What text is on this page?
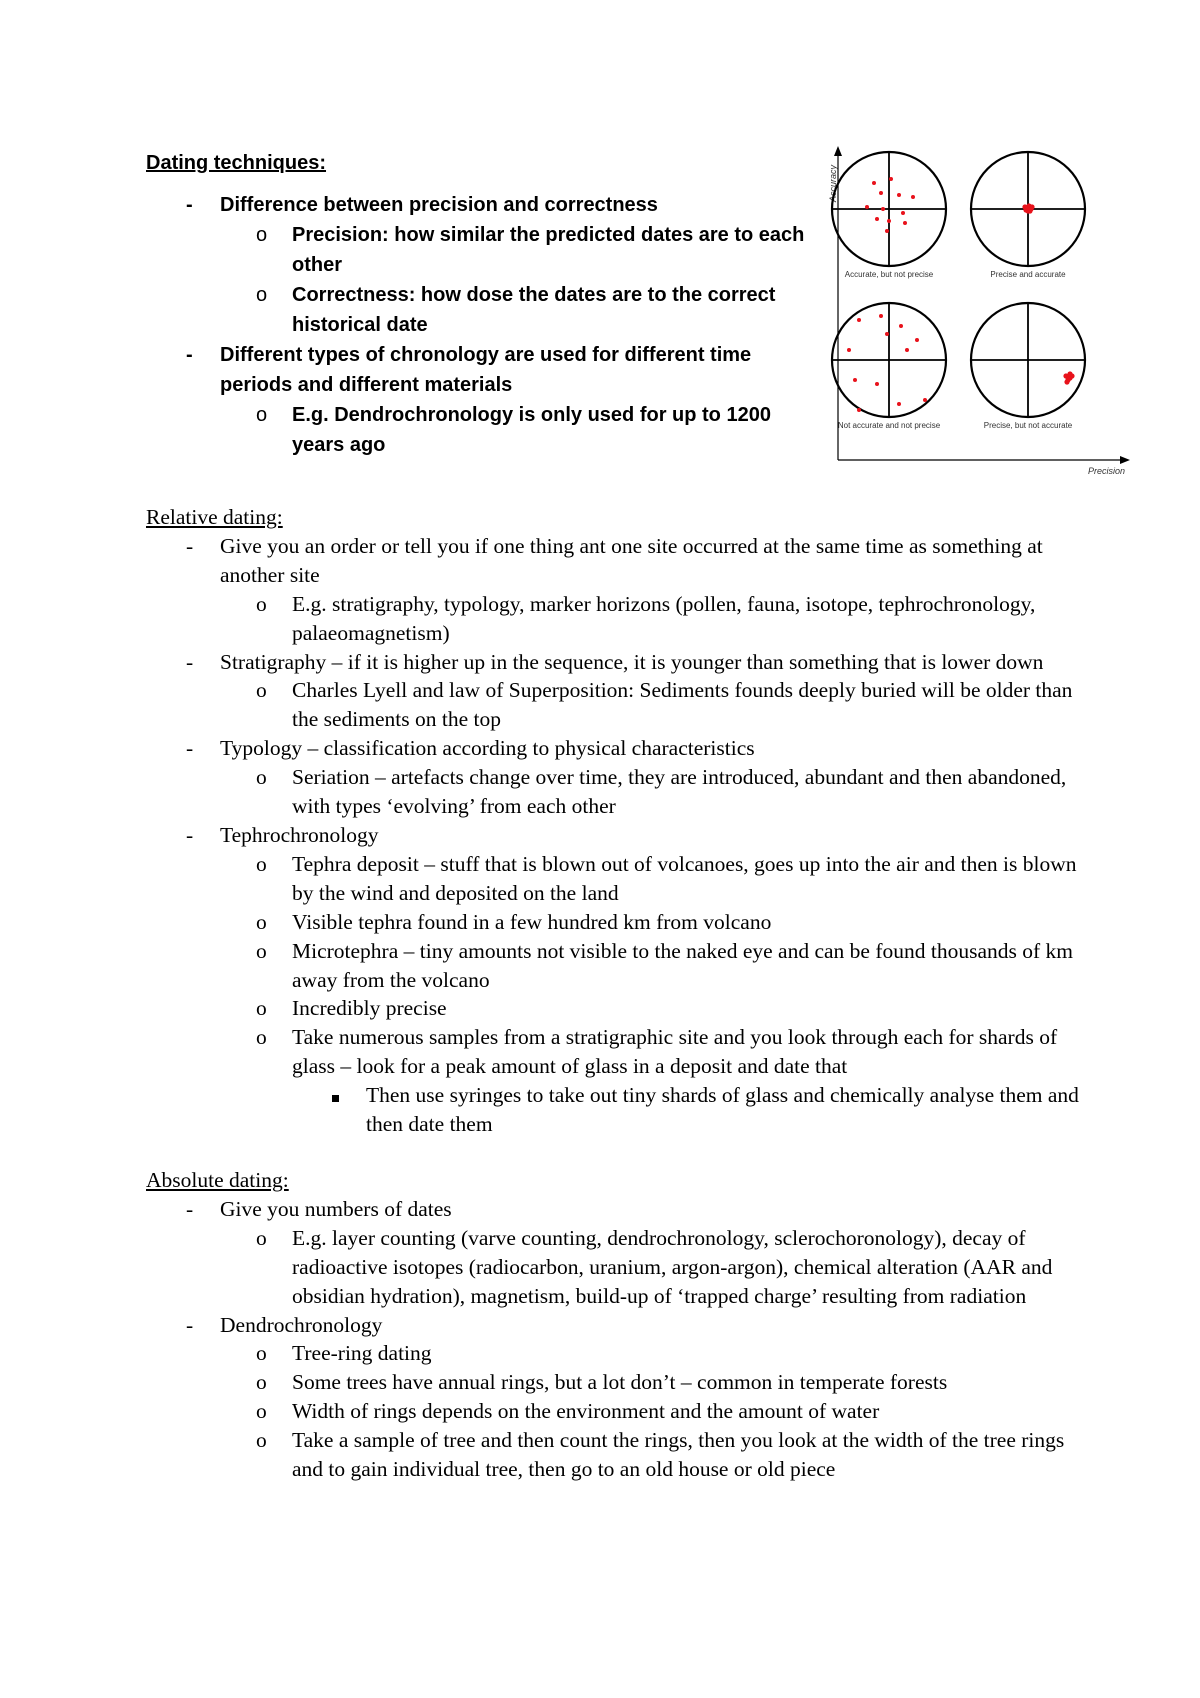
Dating techniques:
- Difference between precision and correctness
o Precision: how similar the predicted dates are to each other
o Correctness: how dose the dates are to the correct historical date
- Different types of chronology are used for different time periods and different materials
o E.g. Dendrochronology is only used for up to 1200 years ago
Accuracy
Precision
Accurate, but not precise	Precise and accurate
Not accurate and not precise	Precise, but not accurate
Relative dating:
- Give you an order or tell you if one thing ant one site occurred at the same time as something at another site
o E.g. stratigraphy, typology, marker horizons (pollen, fauna, isotope, tephrochronology, palaeomagnetism)
- Stratigraphy – if it is higher up in the sequence, it is younger than something that is lower down
o Charles Lyell and law of Superposition: Sediments founds deeply buried will be older than the sediments on the top
- Typology – classification according to physical characteristics
o Seriation – artefacts change over time, they are introduced, abundant and then abandoned, with types ‘evolving’ from each other
- Tephrochronology
o Tephra deposit – stuff that is blown out of volcanoes, goes up into the air and then is blown by the wind and deposited on the land
o Visible tephra found in a few hundred km from volcano
o Microtephra – tiny amounts not visible to the naked eye and can be found thousands of km away from the volcano
o Incredibly precise
o Take numerous samples from a stratigraphic site and you look through each for shards of glass – look for a peak amount of glass in a deposit and date that
Then use syringes to take out tiny shards of glass and chemically analyse them and then date them
Absolute dating:
- Give you numbers of dates
o E.g. layer counting (varve counting, dendrochronology, sclerochoronology), decay of radioactive isotopes (radiocarbon, uranium, argon-argon), chemical alteration (AAR and obsidian hydration), magnetism, build-up of ‘trapped charge’ resulting from radiation
- Dendrochronology
o Tree-ring dating
o Some trees have annual rings, but a lot don’t – common in temperate forests
o Width of rings depends on the environment and the amount of water
o Take a sample of tree and then count the rings, then you look at the width of the tree rings and to gain individual tree, then go to an old house or old piece
